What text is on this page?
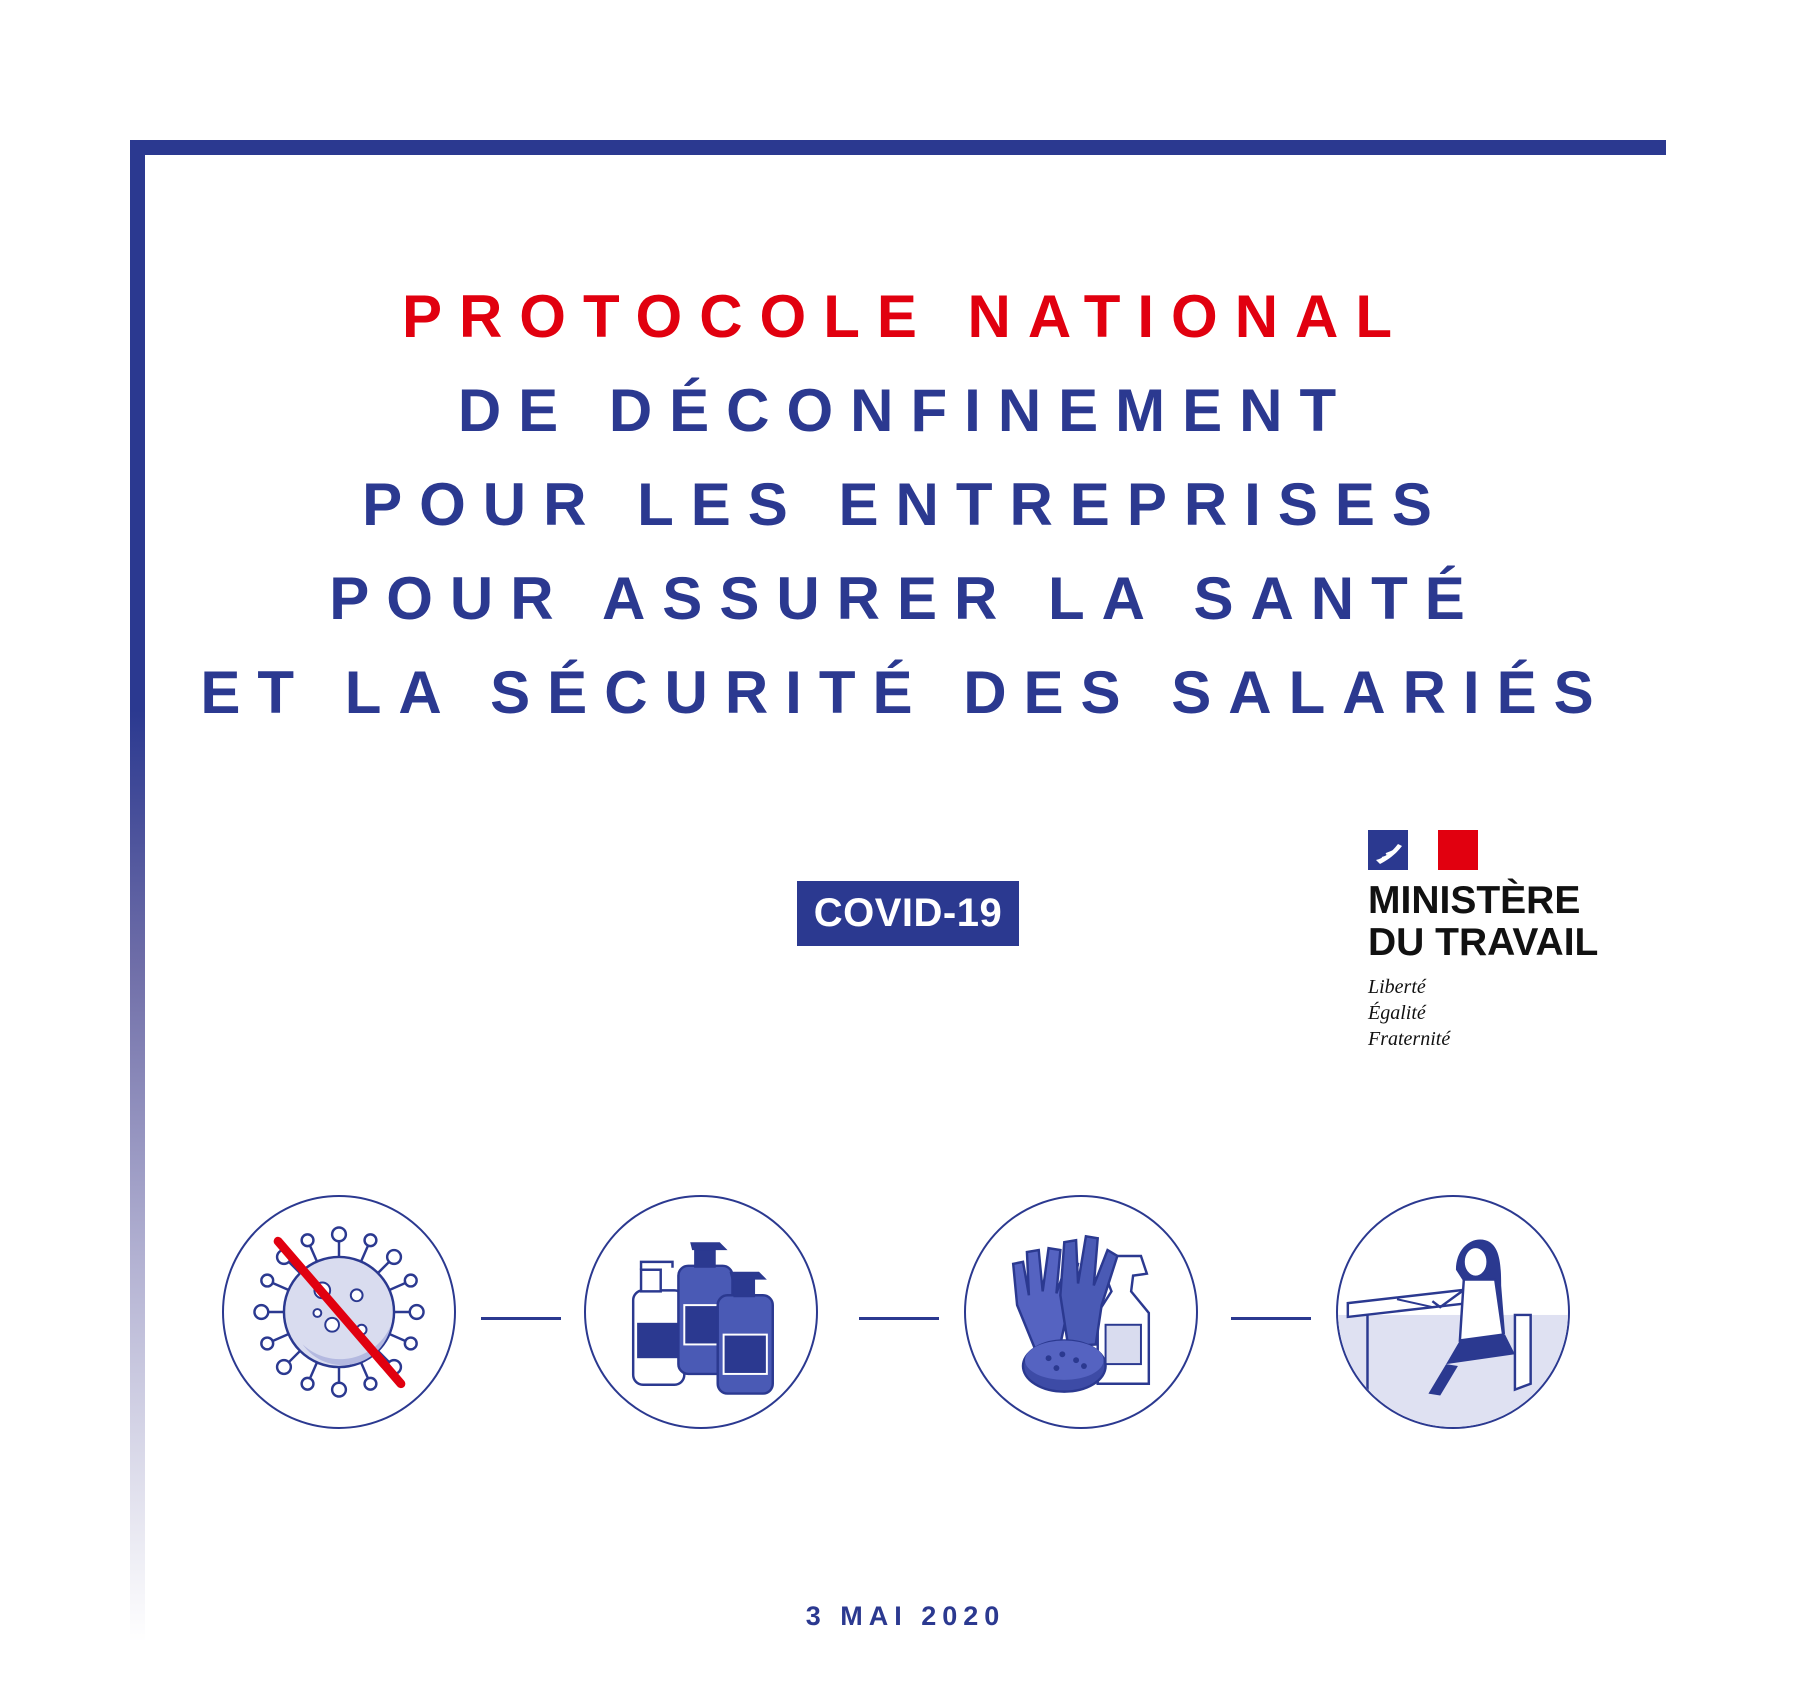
PROTOCOLE NATIONAL
DE DÉCONFINEMENT
POUR LES ENTREPRISES
POUR ASSURER LA SANTÉ
ET LA SÉCURITÉ DES SALARIÉS
COVID-19	MINISTÈRE
DU TRAVAIL
Liberté
Égalité
Fraternité
3 MAI 2020
